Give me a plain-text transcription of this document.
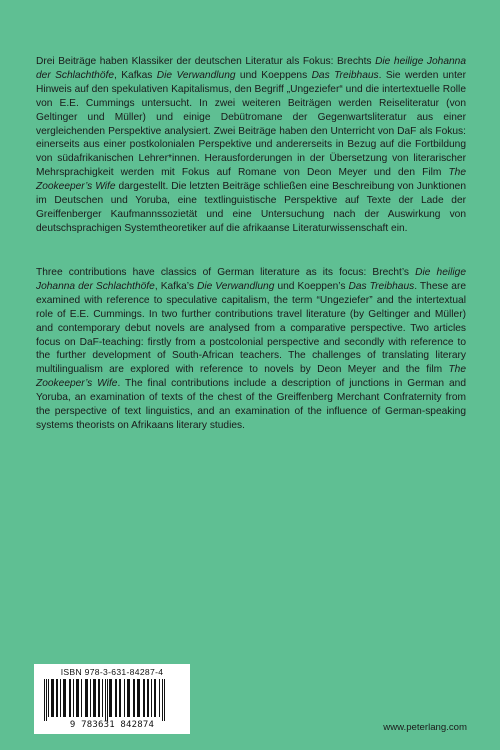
Drei Beiträge haben Klassiker der deutschen Literatur als Fokus: Brechts Die heilige Johanna der Schlachthöfe, Kafkas Die Verwandlung und Koeppens Das Treibhaus. Sie werden unter Hinweis auf den spekulativen Kapitalismus, den Begriff „Ungeziefer“ und die intertextuelle Rolle von E.E. Cummings untersucht. In zwei weiteren Beiträgen werden Reiseliteratur (von Geltinger und Müller) und einige Debütromane der Gegenwartsliteratur aus einer vergleichenden Perspektive analysiert. Zwei Beiträge haben den Unterricht von DaF als Fokus: einerseits aus einer postkolonialen Perspektive und andererseits in Bezug auf die Fortbildung von südafrikanischen Lehrer*innen. Herausforderungen in der Übersetzung von literarischer Mehrsprachigkeit werden mit Fokus auf Romane von Deon Meyer und den Film The Zookeeper’s Wife dargestellt. Die letzten Beiträge schließen eine Beschreibung von Junktionen im Deutschen und Yoruba, eine textlinguistische Perspektive auf Texte der Lade der Greiffenberger Kaufmannssozietät und eine Untersuchung nach der Auswirkung von deutschsprachigen Systemtheoretiker auf die afrikaanse Literaturwissenschaft ein.

Three contributions have classics of German literature as its focus: Brecht’s Die heilige Johanna der Schlachthöfe, Kafka’s Die Verwandlung und Koeppen’s Das Treibhaus. These are examined with reference to speculative capitalism, the term “Ungeziefer” and the intertextual role of E.E. Cummings. In two further contributions travel literature (by Geltinger and Müller) and contemporary debut novels are analysed from a comparative perspective. Two articles focus on DaF-teaching: firstly from a postcolonial perspective and secondly with reference to the further development of South-African teachers. The challenges of translating literary multilingualism are explored with reference to novels by Deon Meyer and the film The Zookeeper’s Wife. The final contributions include a description of junctions in German and Yoruba, an examination of texts of the chest of the Greiffenberg Merchant Confraternity from the perspective of text linguistics, and an examination of the influence of German-speaking systems theorists on Afrikaans literary studies.

ISBN 978-3-631-84287-4
9 783631 842874	www.peterlang.com
